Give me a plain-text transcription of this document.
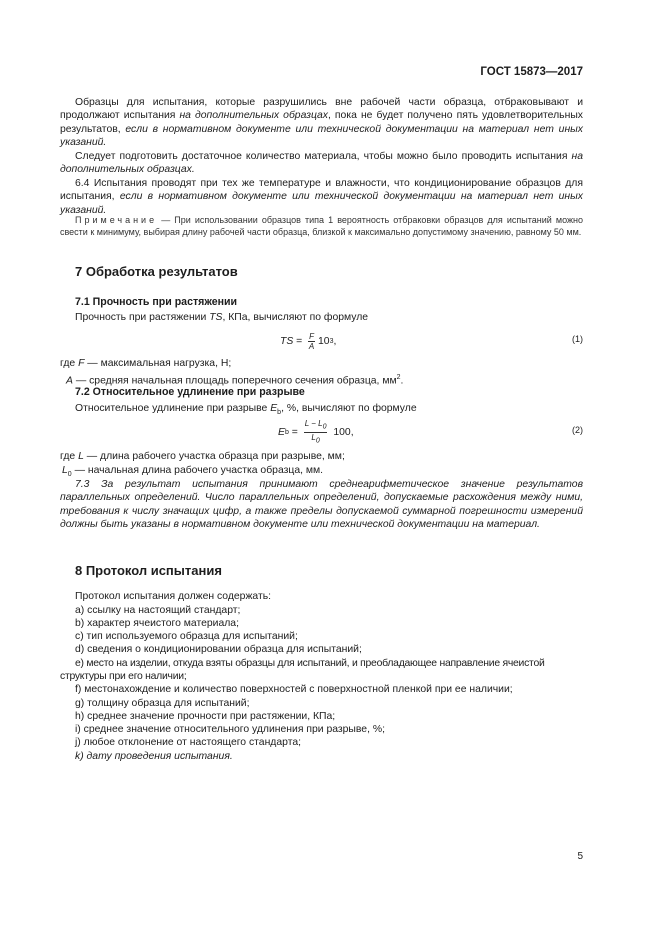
ГОСТ 15873—2017
Образцы для испытания, которые разрушились вне рабочей части образца, отбраковывают и продолжают испытания на дополнительных образцах, пока не будет получено пять удовлетворительных результатов, если в нормативном документе или технической документации на материал нет иных указаний.
Следует подготовить достаточное количество материала, чтобы можно было проводить испытания на дополнительных образцах.
6.4 Испытания проводят при тех же температуре и влажности, что кондиционирование образцов для испытания, если в нормативном документе или технической документации на материал нет иных указаний.
Примечание — При использовании образцов типа 1 вероятность отбраковки образцов для испытаний можно свести к минимуму, выбирая длину рабочей части образца, близкой к максимально допустимому значению, равному 50 мм.
7 Обработка результатов
7.1 Прочность при растяжении
Прочность при растяжении TS, КПа, вычисляют по формуле
TS = $\frac{F}{A} 10$ 3 ,	(1)
где F — максимальная нагрузка, Н;
A — средняя начальная площадь поперечного сечения образца, $мм^2$.
7.2 Относительное удлинение при разрыве
Относительное удлинение при разрыве $E_b$, %, вычисляют по формуле
E $b = \frac{L - L_0}{L_0} 100$,	(2)
где L — длина рабочего участка образца при разрыве, мм;
$L_0$ — начальная длина рабочего участка образца, мм.
7.3 За результат испытания принимают среднеарифметическое значение результатов параллельных определений. Число параллельных определений, допускаемые расхождения между ними, требования к числу значащих цифр, а также пределы допускаемой суммарной погрешности измерений должны быть указаны в нормативном документе или технической документации на материал.
8 Протокол испытания
Протокол испытания должен содержать:
a) ссылку на настоящий стандарт;
b) характер ячеистого материала;
c) тип используемого образца для испытаний;
d) сведения о кондиционировании образца для испытаний;
e) место на изделии, откуда взяты образцы для испытаний, и преобладающее направление ячеистой структуры при его наличии;
f) местонахождение и количество поверхностей с поверхностной пленкой при ее наличии;
g) толщину образца для испытаний;
h) среднее значение прочности при растяжении, КПа;
i) среднее значение относительного удлинения при разрыве, %;
j) любое отклонение от настоящего стандарта;
k) дату проведения испытания.
5
